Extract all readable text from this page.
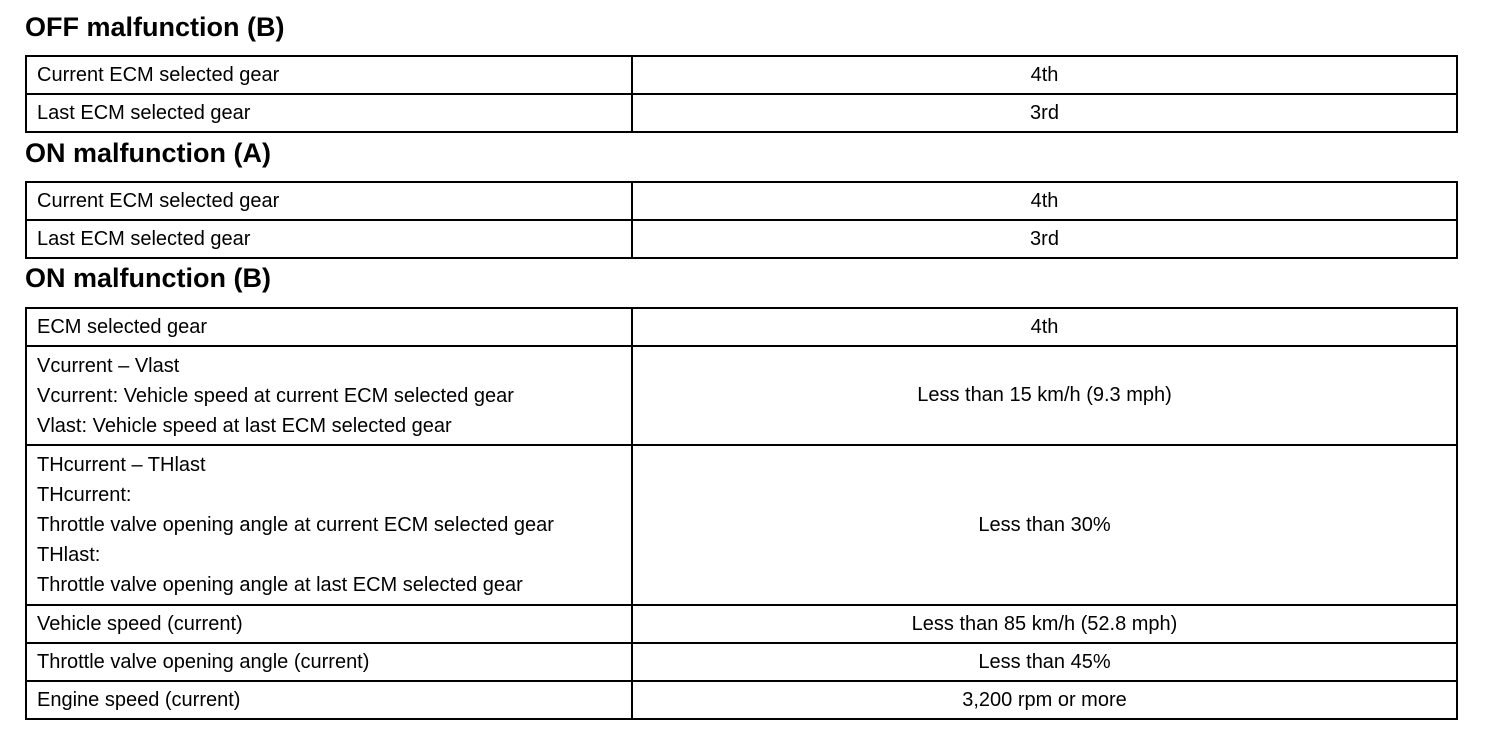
OFF malfunction (B)
Current ECM selected gear	4th

Last ECM selected gear	3rd
ON malfunction (A)
Current ECM selected gear	4th

Last ECM selected gear	3rd
ON malfunction (B)
ECM selected gear	4th

Vcurrent – Vlast
Vcurrent: Vehicle speed at current ECM selected gear
Vlast: Vehicle speed at last ECM selected gear	Less than 15 km/h (9.3 mph)

THcurrent – THlast
THcurrent:
Throttle valve opening angle at current ECM selected gear
THlast:
Throttle valve opening angle at last ECM selected gear	Less than 30%

Vehicle speed (current)	Less than 85 km/h (52.8 mph)

Throttle valve opening angle (current)	Less than 45%

Engine speed (current)	3,200 rpm or more
